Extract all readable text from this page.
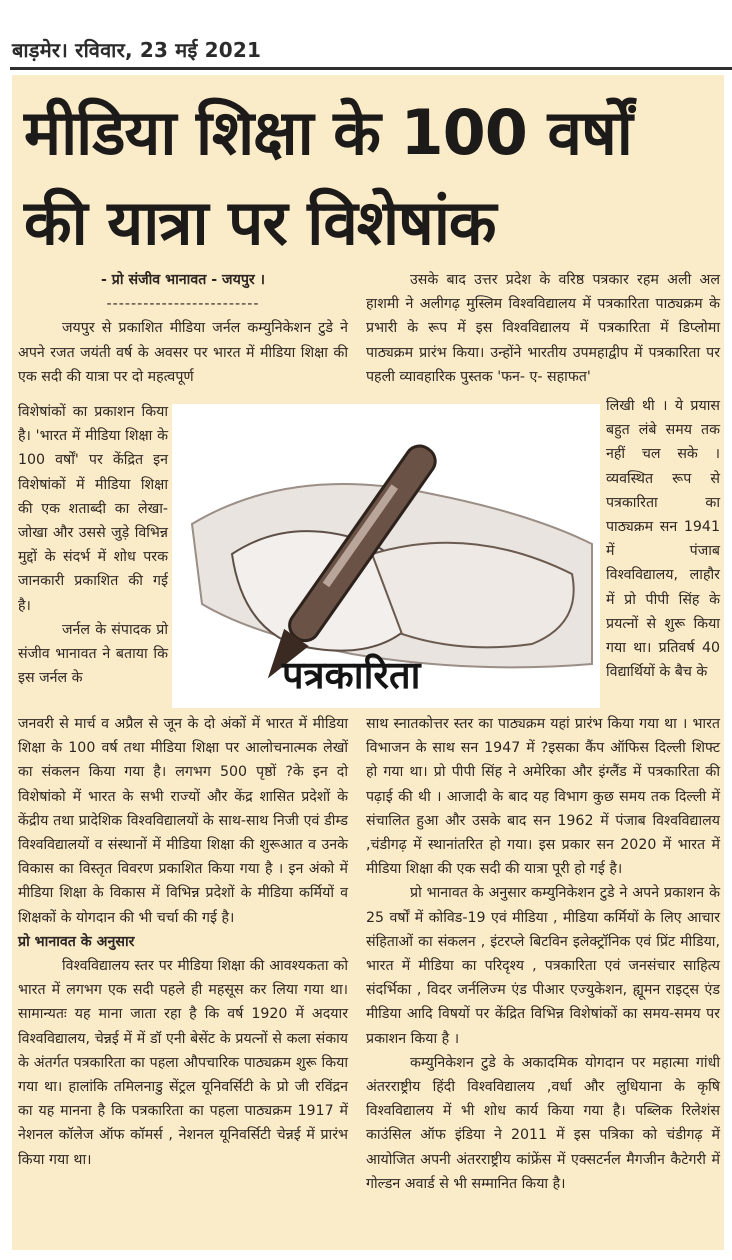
बाड़मेर। रविवार, 23 मई 2021
मीडिया शिक्षा के 100 वर्षों
की यात्रा पर विशेषांक

- प्रो संजीव भानावत - जयपुर ।

-------------------------

जयपुर से प्रकाशित मीडिया जर्नल कम्युनिकेशन टुडे ने अपने रजत जयंती वर्ष के अवसर पर भारत में मीडिया शिक्षा की एक सदी की यात्रा पर दो महत्वपूर्ण

उसके बाद उत्तर प्रदेश के वरिष्ठ पत्रकार रहम अली अल हाशमी ने अलीगढ़ मुस्लिम विश्वविद्यालय में पत्रकारिता पाठ्यक्रम के प्रभारी के रूप में इस विश्वविद्यालय में पत्रकारिता में डिप्लोमा पाठ्यक्रम प्रारंभ किया। उन्होंने भारतीय उपमहाद्वीप में पत्रकारिता पर पहली व्यावहारिक पुस्तक 'फन- ए- सहाफत'

विशेषांकों का प्रकाशन किया है। 'भारत में मीडिया शिक्षा के 100 वर्षों' पर केंद्रित इन विशेषांकों में मीडिया शिक्षा की एक शताब्दी का लेखा-जोखा और उससे जुड़े विभिन्न मुद्दों के संदर्भ में शोध परक जानकारी प्रकाशित की गई है।

जर्नल के संपादक प्रो संजीव भानावत ने बताया कि इस जर्नल के	पत्रकारिता

लिखी थी । ये प्रयास बहुत लंबे समय तक नहीं चल सके । व्यवस्थित रूप से पत्रकारिता का पाठ्यक्रम सन 1941 में पंजाब विश्वविद्यालय, लाहौर में प्रो पीपी सिंह के प्रयत्नों से शुरू किया गया था। प्रतिवर्ष 40 विद्यार्थियों के बैच के

जनवरी से मार्च व अप्रैल से जून के दो अंकों में भारत में मीडिया शिक्षा के 100 वर्ष तथा मीडिया शिक्षा पर आलोचनात्मक लेखों का संकलन किया गया है। लगभग 500 पृष्ठों ?के इन दो विशेषांको में भारत के सभी राज्यों और केंद्र शासित प्रदेशों के केंद्रीय तथा प्रादेशिक विश्वविद्यालयों के साथ-साथ निजी एवं डीम्ड विश्वविद्यालयों व संस्थानों में मीडिया शिक्षा की शुरूआत व उनके विकास का विस्तृत विवरण प्रकाशित किया गया है । इन अंको में मीडिया शिक्षा के विकास में विभिन्न प्रदेशों के मीडिया कर्मियों व शिक्षकों के योगदान की भी चर्चा की गई है।

प्रो भानावत के अनुसार

विश्वविद्यालय स्तर पर मीडिया शिक्षा की आवश्यकता को भारत में लगभग एक सदी पहले ही महसूस कर लिया गया था। सामान्यतः यह माना जाता रहा है कि वर्ष 1920 में अदयार विश्वविद्यालय, चेन्नई में में डॉ एनी बेसेंट के प्रयत्नों से कला संकाय के अंतर्गत पत्रकारिता का पहला औपचारिक पाठ्यक्रम शुरू किया गया था। हालांकि तमिलनाडु सेंट्रल यूनिवर्सिटी के प्रो जी रविंद्रन का यह मानना है कि पत्रकारिता का पहला पाठ्यक्रम 1917 में नेशनल कॉलेज ऑफ कॉमर्स , नेशनल यूनिवर्सिटी चेन्नई में प्रारंभ किया गया था।

साथ स्नातकोत्तर स्तर का पाठ्यक्रम यहां प्रारंभ किया गया था । भारत विभाजन के साथ सन 1947 में ?इसका कैंप ऑफिस दिल्ली शिफ्ट हो गया था। प्रो पीपी सिंह ने अमेरिका और इंग्लैंड में पत्रकारिता की पढ़ाई की थी । आजादी के बाद यह विभाग कुछ समय तक दिल्ली में संचालित हुआ और उसके बाद सन 1962 में पंजाब विश्वविद्यालय ,चंडीगढ़ में स्थानांतरित हो गया। इस प्रकार सन 2020 में भारत में मीडिया शिक्षा की एक सदी की यात्रा पूरी हो गई है।

प्रो भानावत के अनुसार कम्युनिकेशन टुडे ने अपने प्रकाशन के 25 वर्षों में कोविड-19 एवं मीडिया , मीडिया कर्मियों के लिए आचार संहिताओं का संकलन , इंटरप्ले बिटविन इलेक्ट्रॉनिक एवं प्रिंट मीडिया, भारत में मीडिया का परिदृश्य , पत्रकारिता एवं जनसंचार साहित्य संदर्भिका , विदर जर्नलिज्म एंड पीआर एज्युकेशन, ह्यूमन राइट्स एंड मीडिया आदि विषयों पर केंद्रित विभिन्न विशेषांकों का समय-समय पर प्रकाशन किया है ।

कम्युनिकेशन टुडे के अकादमिक योगदान पर महात्मा गांधी अंतरराष्ट्रीय हिंदी विश्वविद्यालय ,वर्धा और लुधियाना के कृषि विश्वविद्यालय में भी शोध कार्य किया गया है। पब्लिक रिलेशंस काउंसिल ऑफ इंडिया ने 2011 में इस पत्रिका को चंडीगढ़ में आयोजित अपनी अंतरराष्ट्रीय कांफ्रेंस में एक्सटर्नल मैगजीन कैटेगरी में गोल्डन अवार्ड से भी सम्मानित किया है।
